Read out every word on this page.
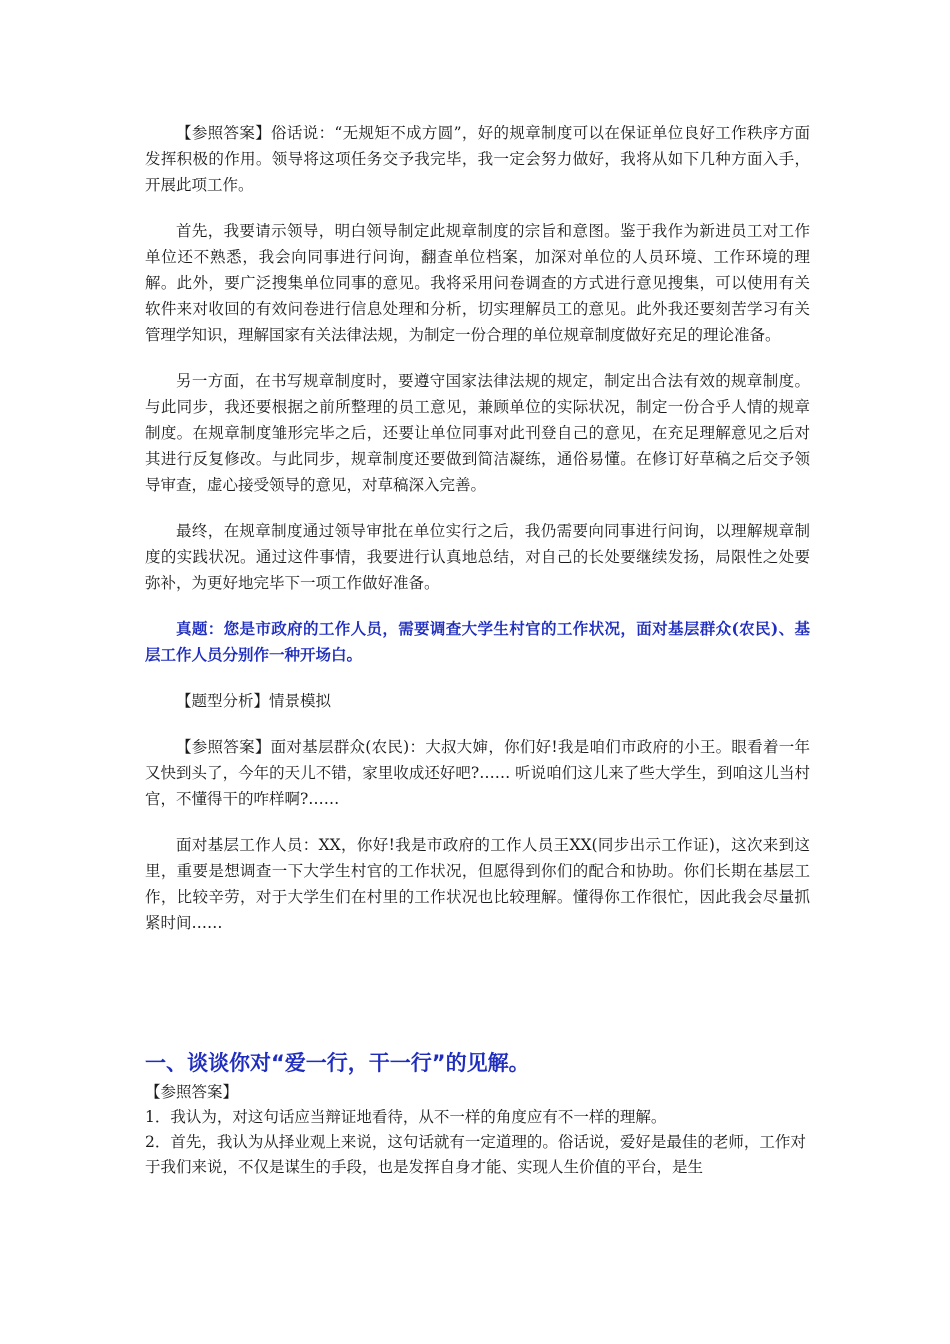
【参照答案】俗话说：“无规矩不成方圆”，好的规章制度可以在保证单位良好工作秩序方面发挥积极的作用。领导将这项任务交予我完毕，我一定会努力做好，我将从如下几种方面入手，开展此项工作。

首先，我要请示领导，明白领导制定此规章制度的宗旨和意图。鉴于我作为新进员工对工作单位还不熟悉，我会向同事进行问询，翻查单位档案，加深对单位的人员环境、工作环境的理解。此外，要广泛搜集单位同事的意见。我将采用问卷调查的方式进行意见搜集，可以使用有关软件来对收回的有效问卷进行信息处理和分析，切实理解员工的意见。此外我还要刻苦学习有关管理学知识，理解国家有关法律法规，为制定一份合理的单位规章制度做好充足的理论准备。

另一方面，在书写规章制度时，要遵守国家法律法规的规定，制定出合法有效的规章制度。与此同步，我还要根据之前所整理的员工意见，兼顾单位的实际状况，制定一份合乎人情的规章制度。在规章制度雏形完毕之后，还要让单位同事对此刊登自己的意见，在充足理解意见之后对其进行反复修改。与此同步，规章制度还要做到简洁凝练，通俗易懂。在修订好草稿之后交予领导审查，虚心接受领导的意见，对草稿深入完善。

最终，在规章制度通过领导审批在单位实行之后，我仍需要向同事进行问询，以理解规章制度的实践状况。通过这件事情，我要进行认真地总结，对自己的长处要继续发扬，局限性之处要弥补，为更好地完毕下一项工作做好准备。

真题：您是市政府的工作人员，需要调查大学生村官的工作状况，面对基层群众(农民)、基层工作人员分别作一种开场白。

【题型分析】情景模拟

【参照答案】面对基层群众(农民)：大叔大婶，你们好!我是咱们市政府的小王。眼看着一年又快到头了，今年的天儿不错，家里收成还好吧?…… 听说咱们这儿来了些大学生，到咱这儿当村官，不懂得干的咋样啊?……

面对基层工作人员：XX，你好!我是市政府的工作人员王XX(同步出示工作证)，这次来到这里，重要是想调查一下大学生村官的工作状况，但愿得到你们的配合和协助。你们长期在基层工作，比较辛劳，对于大学生们在村里的工作状况也比较理解。懂得你工作很忙，因此我会尽量抓紧时间……

一、谈谈你对“爱一行，干一行”的见解。

【参照答案】

1．我认为，对这句话应当辩证地看待，从不一样的角度应有不一样的理解。

2．首先，我认为从择业观上来说，这句话就有一定道理的。俗话说，爱好是最佳的老师，工作对于我们来说，不仅是谋生的手段，也是发挥自身才能、实现人生价值的平台，是生
